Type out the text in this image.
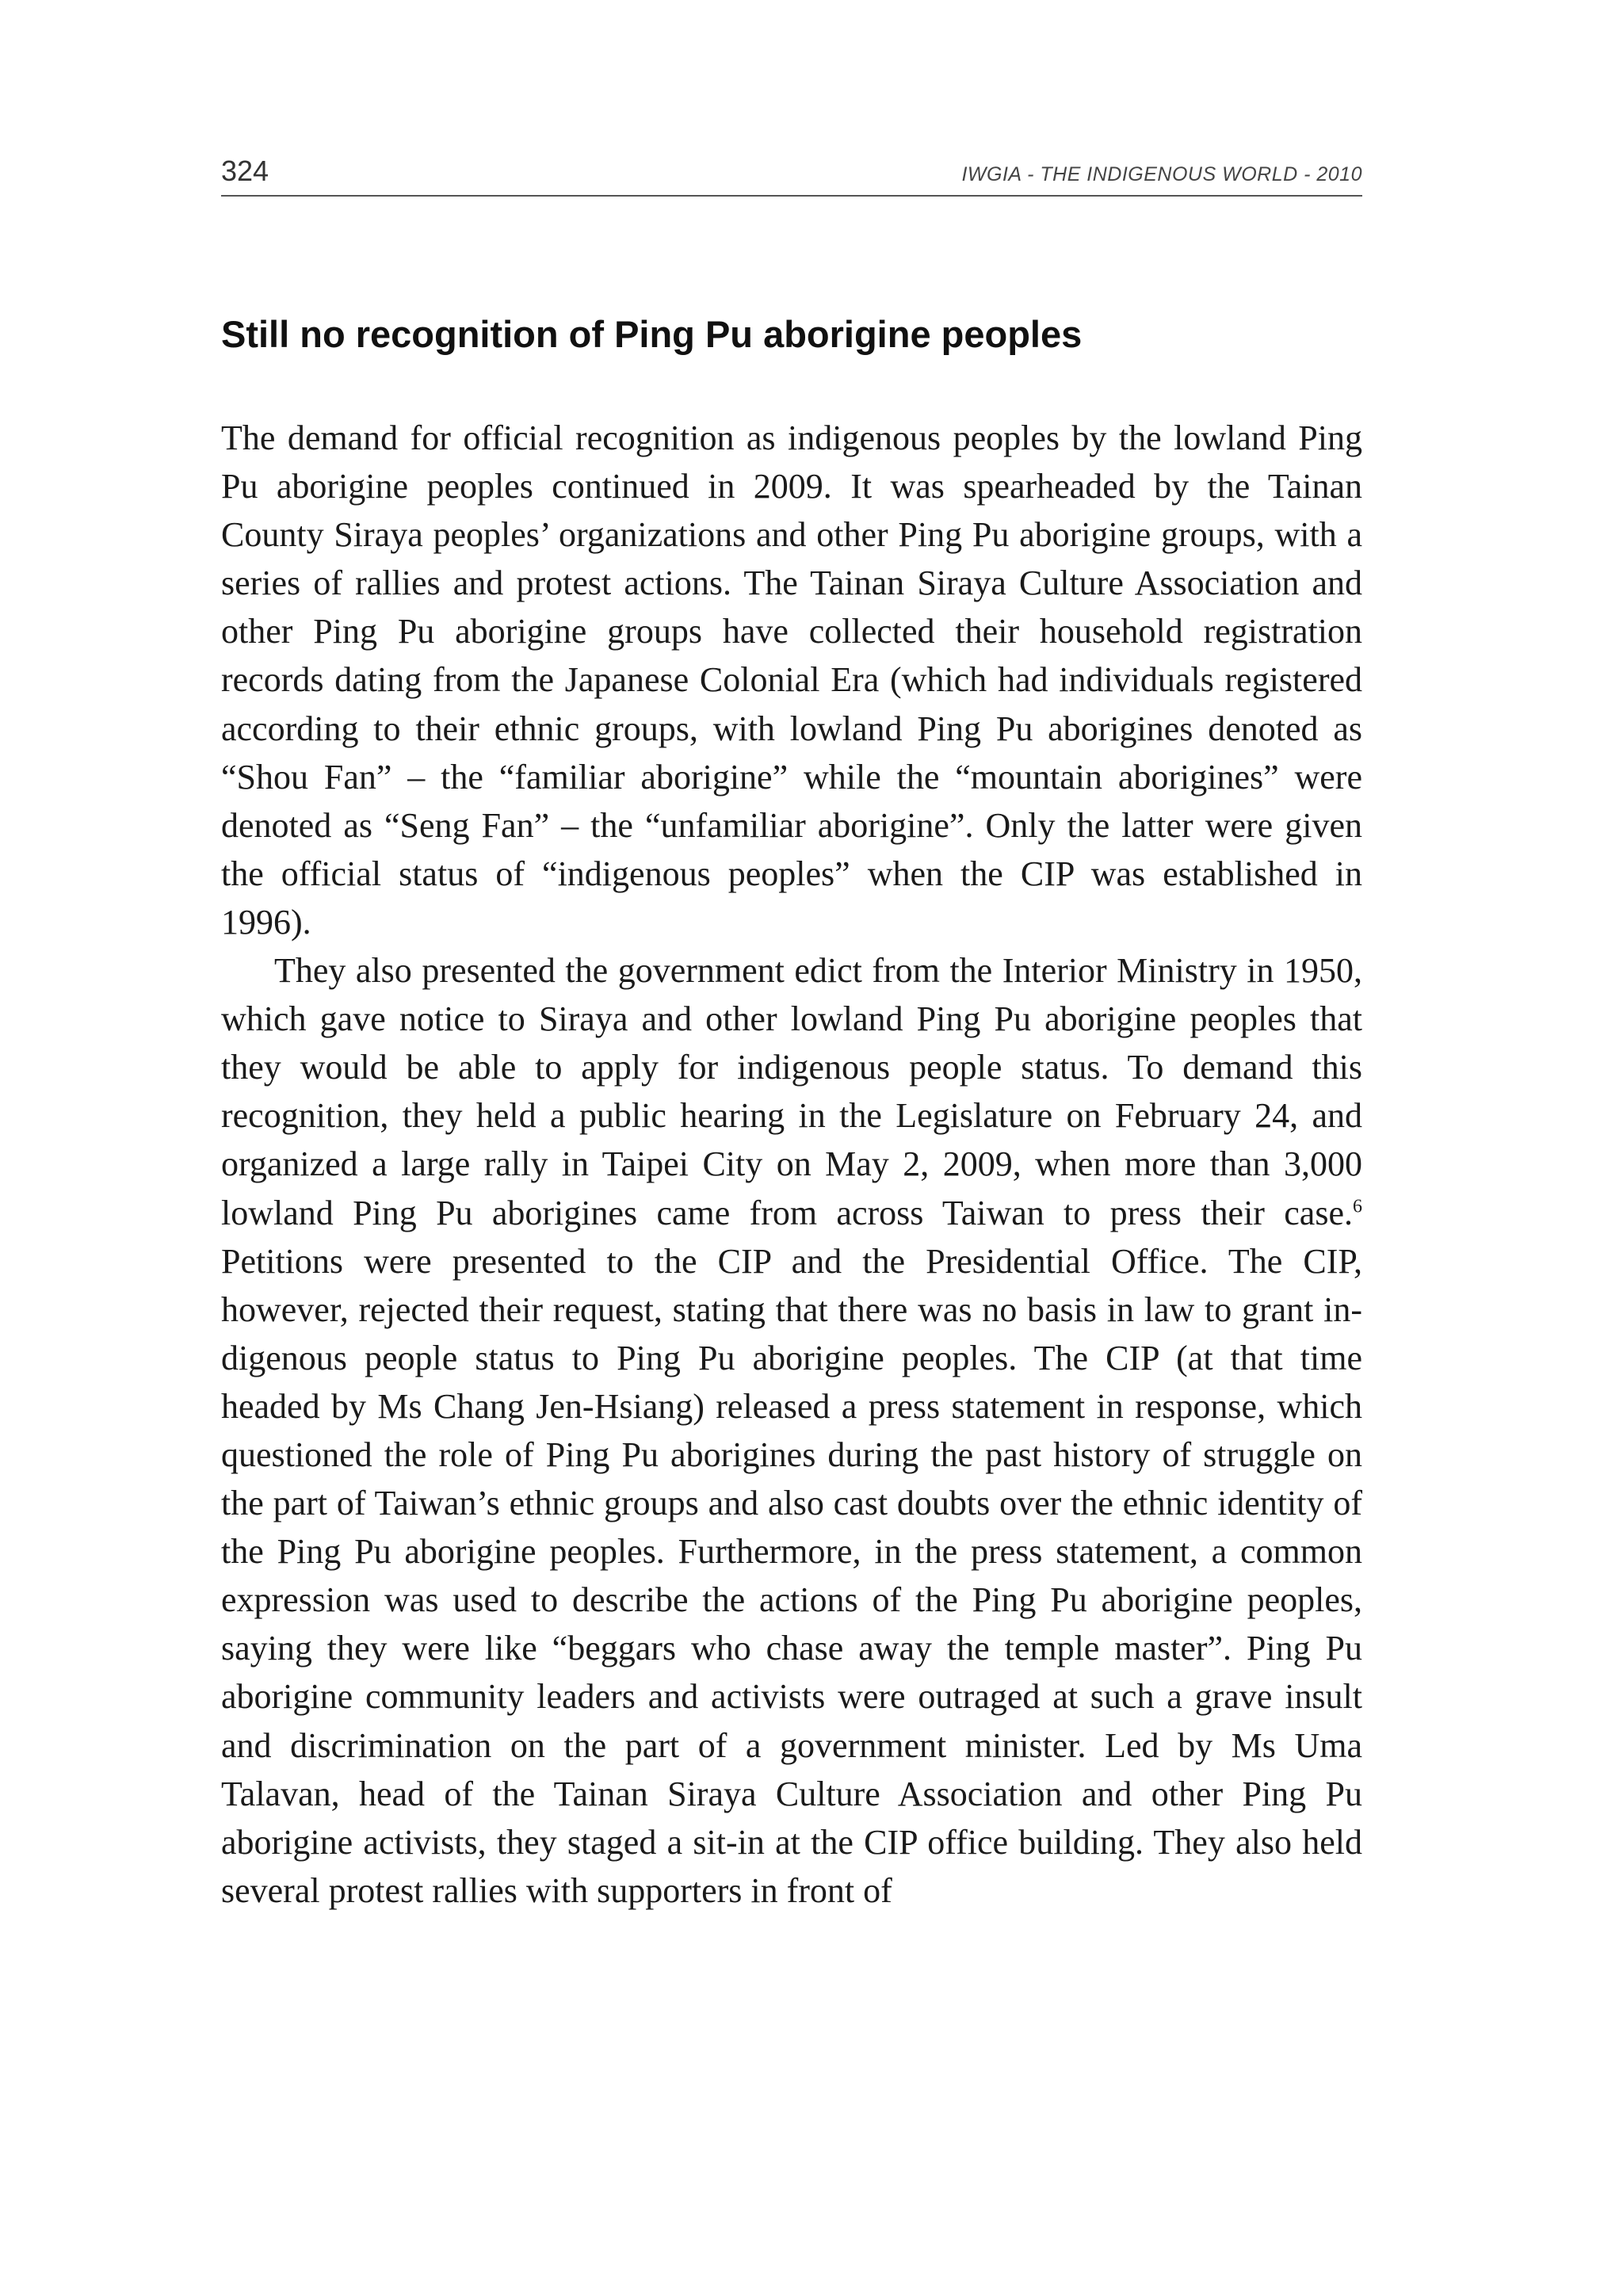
324	IWGIA - THE INDIGENOUS WORLD - 2010
Still no recognition of Ping Pu aborigine peoples

The demand for official recognition as indigenous peoples by the lowland Ping Pu aborigine peoples continued in 2009. It was spearheaded by the Tainan County Siraya peoples’ organizations and other Ping Pu aborigine groups, with a series of rallies and protest actions. The Tainan Siraya Culture Association and other Ping Pu aborigine groups have collected their household registration records dating from the Japanese Colonial Era (which had individuals registered according to their ethnic groups, with lowland Ping Pu aborigines denoted as “Shou Fan” – the “familiar aborigine” while the “mountain aborigines” were denoted as “Seng Fan” – the “unfamiliar aborigine”. Only the latter were given the official status of “indigenous peoples” when the CIP was established in 1996).

They also presented the government edict from the Interior Ministry in 1950, which gave notice to Siraya and other lowland Ping Pu aborigine peoples that they would be able to apply for indigenous people status. To demand this recognition, they held a public hearing in the Legislature on February 24, and organized a large rally in Taipei City on May 2, 2009, when more than 3,000 lowland Ping Pu aborigines came from across Taiwan to press their case.$^6$ Petitions were presented to the CIP and the Presidential Office. The CIP, however, rejected their request, stating that there was no basis in law to grant indigenous people status to Ping Pu aborigine peoples. The CIP (at that time headed by Ms Chang Jen-Hsiang) released a press statement in response, which questioned the role of Ping Pu aborigines during the past history of struggle on the part of Taiwan’s ethnic groups and also cast doubts over the ethnic identity of the Ping Pu aborigine peoples. Furthermore, in the press statement, a common expression was used to describe the actions of the Ping Pu aborigine peoples, saying they were like “beggars who chase away the temple master”. Ping Pu aborigine community leaders and activists were outraged at such a grave insult and discrimination on the part of a government minister. Led by Ms Uma Talavan, head of the Tainan Siraya Culture Association and other Ping Pu aborigine activists, they staged a sit-in at the CIP office building. They also held several protest rallies with supporters in front of
